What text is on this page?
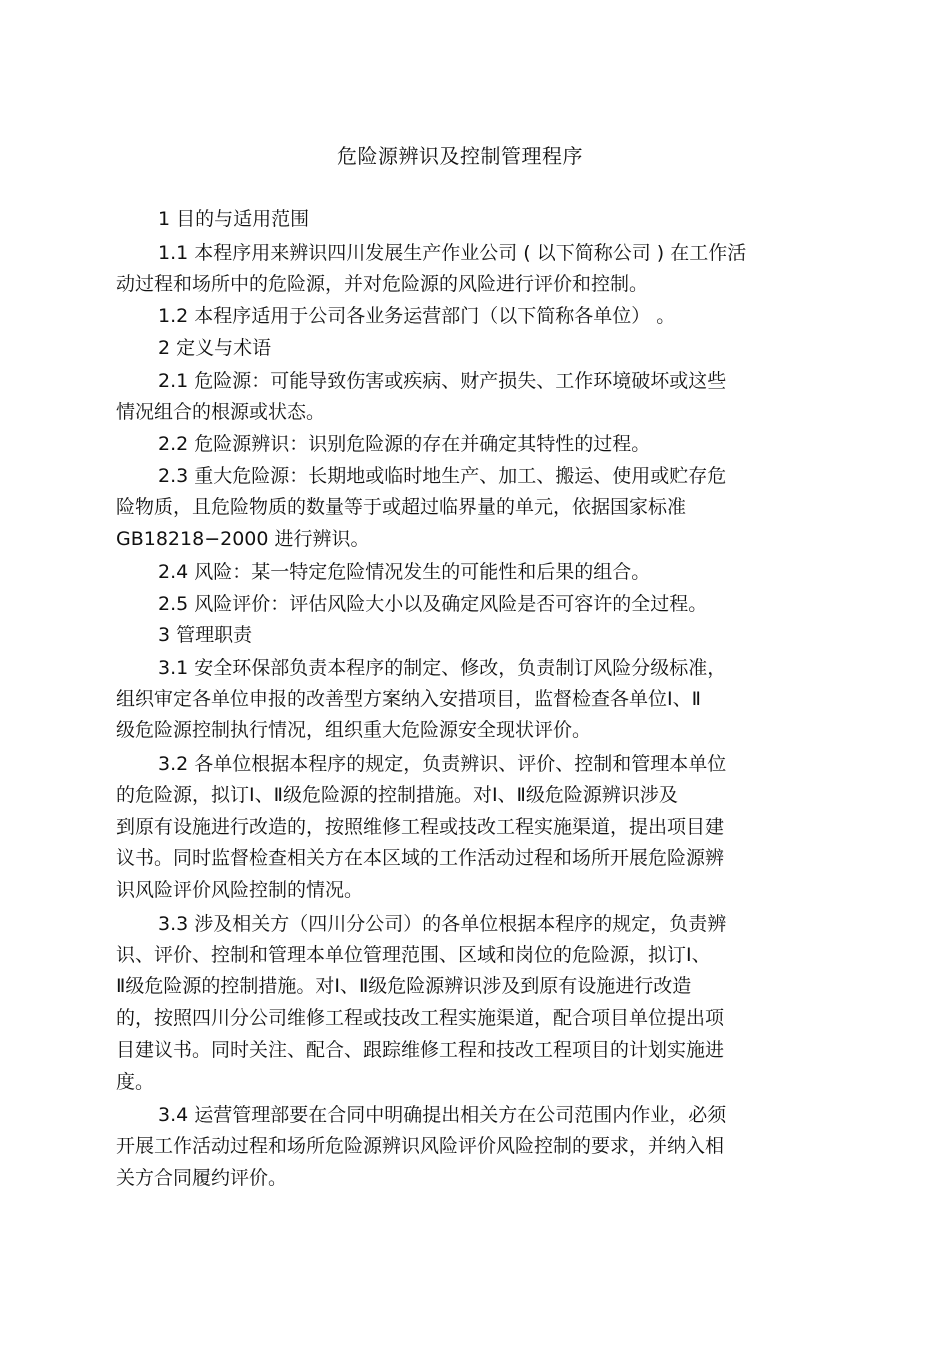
危险源辨识及控制管理程序
1 目的与适用范围
1.1 本程序用来辨识四川发展生产作业公司 ( 以下简称公司 ) 在工作活
动过程和场所中的危险源，并对危险源的风险进行评价和控制。
1.2 本程序适用于公司各业务运营部门（以下简称各单位） 。
2 定义与术语
2.1 危险源：可能导致伤害或疾病、财产损失、工作环境破坏或这些
情况组合的根源或状态。
2.2 危险源辨识：识别危险源的存在并确定其特性的过程。
2.3 重大危险源：长期地或临时地生产、加工、搬运、使用或贮存危
险物质，且危险物质的数量等于或超过临界量的单元，依据国家标准
GB18218−2000 进行辨识。
2.4 风险：某一特定危险情况发生的可能性和后果的组合。
2.5 风险评价：评估风险大小以及确定风险是否可容许的全过程。
3 管理职责
3.1 安全环保部负责本程序的制定、修改，负责制订风险分级标准，
组织审定各单位申报的改善型方案纳入安措项目，监督检查各单位Ⅰ、Ⅱ
级危险源控制执行情况，组织重大危险源安全现状评价。
3.2 各单位根据本程序的规定，负责辨识、评价、控制和管理本单位
的危险源，拟订Ⅰ、Ⅱ级危险源的控制措施。对Ⅰ、Ⅱ级危险源辨识涉及
到原有设施进行改造的，按照维修工程或技改工程实施渠道，提出项目建
议书。同时监督检查相关方在本区域的工作活动过程和场所开展危险源辨
识风险评价风险控制的情况。
3.3 涉及相关方（四川分公司）的各单位根据本程序的规定，负责辨
识、评价、控制和管理本单位管理范围、区域和岗位的危险源，拟订Ⅰ、
Ⅱ级危险源的控制措施。对Ⅰ、Ⅱ级危险源辨识涉及到原有设施进行改造
的，按照四川分公司维修工程或技改工程实施渠道，配合项目单位提出项
目建议书。同时关注、配合、跟踪维修工程和技改工程项目的计划实施进
度。
3.4 运营管理部要在合同中明确提出相关方在公司范围内作业，必须
开展工作活动过程和场所危险源辨识风险评价风险控制的要求，并纳入相
关方合同履约评价。
